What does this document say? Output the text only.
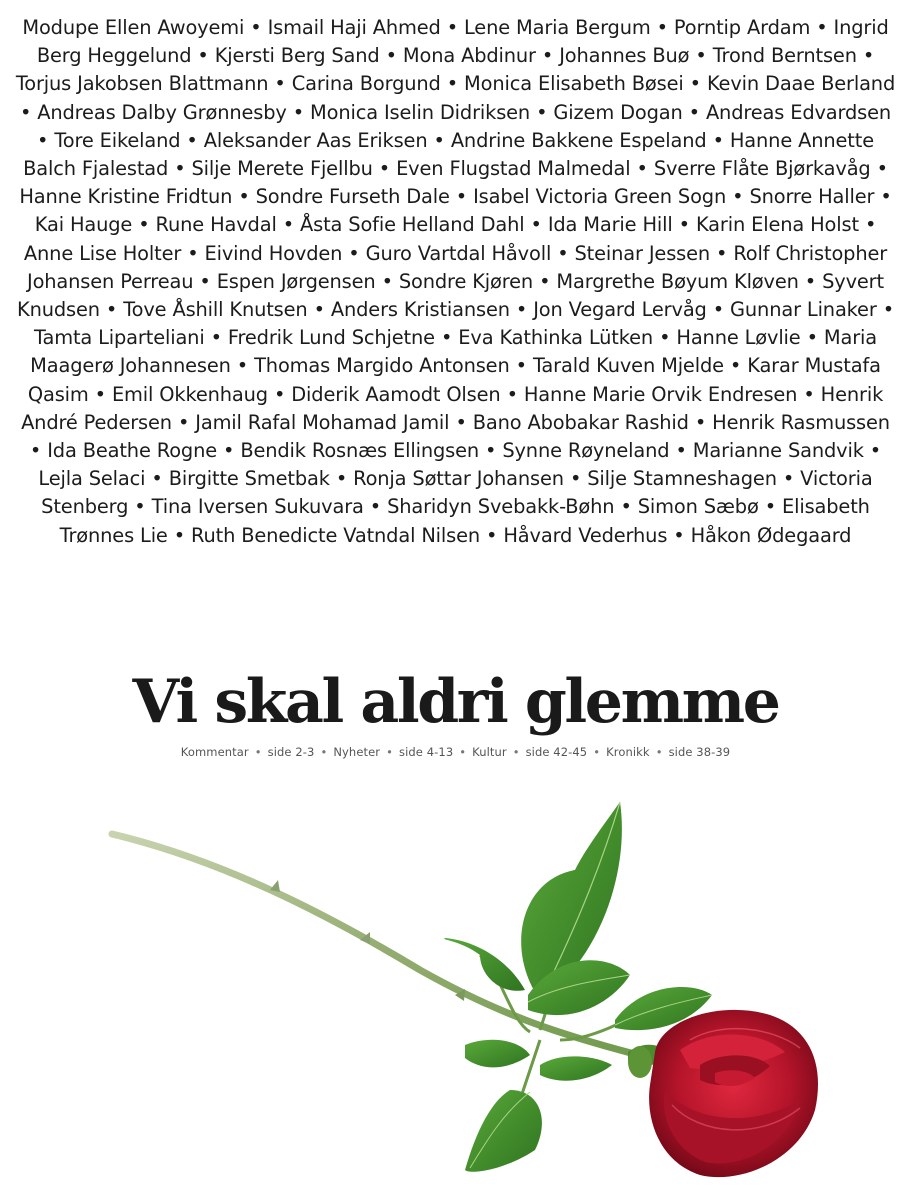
Modupe Ellen Awoyemi • Ismail Haji Ahmed • Lene Maria Bergum • Porntip Ardam • Ingrid Berg Heggelund • Kjersti Berg Sand • Mona Abdinur • Johannes Buø • Trond Berntsen • Torjus Jakobsen Blattmann • Carina Borgund • Monica Elisabeth Bøsei • Kevin Daae Berland • Andreas Dalby Grønnesby • Monica Iselin Didriksen • Gizem Dogan • Andreas Edvardsen • Tore Eikeland • Aleksander Aas Eriksen • Andrine Bakkene Espeland • Hanne Annette Balch Fjalestad • Silje Merete Fjellbu • Even Flugstad Malmedal • Sverre Flåte Bjørkavåg • Hanne Kristine Fridtun • Sondre Furseth Dale • Isabel Victoria Green Sogn • Snorre Haller • Kai Hauge • Rune Havdal • Åsta Sofie Helland Dahl • Ida Marie Hill • Karin Elena Holst • Anne Lise Holter • Eivind Hovden • Guro Vartdal Håvoll • Steinar Jessen • Rolf Christopher Johansen Perreau • Espen Jørgensen • Sondre Kjøren • Margrethe Bøyum Kløven • Syvert Knudsen • Tove Åshill Knutsen • Anders Kristiansen • Jon Vegard Lervåg • Gunnar Linaker • Tamta Liparteliani • Fredrik Lund Schjetne • Eva Kathinka Lütken • Hanne Løvlie • Maria Maagerø Johannesen • Thomas Margido Antonsen • Tarald Kuven Mjelde • Karar Mustafa Qasim • Emil Okkenhaug • Diderik Aamodt Olsen • Hanne Marie Orvik Endresen • Henrik André Pedersen • Jamil Rafal Mohamad Jamil • Bano Abobakar Rashid • Henrik Rasmussen • Ida Beathe Rogne • Bendik Rosnæs Ellingsen • Synne Røyneland • Marianne Sandvik • Lejla Selaci • Birgitte Smetbak • Ronja Søttar Johansen • Silje Stamneshagen • Victoria Stenberg • Tina Iversen Sukuvara • Sharidyn Svebakk-Bøhn • Simon Sæbø • Elisabeth Trønnes Lie • Ruth Benedicte Vatndal Nilsen • Håvard Vederhus • Håkon Ødegaard
Vi skal aldri glemme
Kommentar • side 2-3 • Nyheter • side 4-13 • Kultur • side 42-45 • Kronikk • side 38-39
